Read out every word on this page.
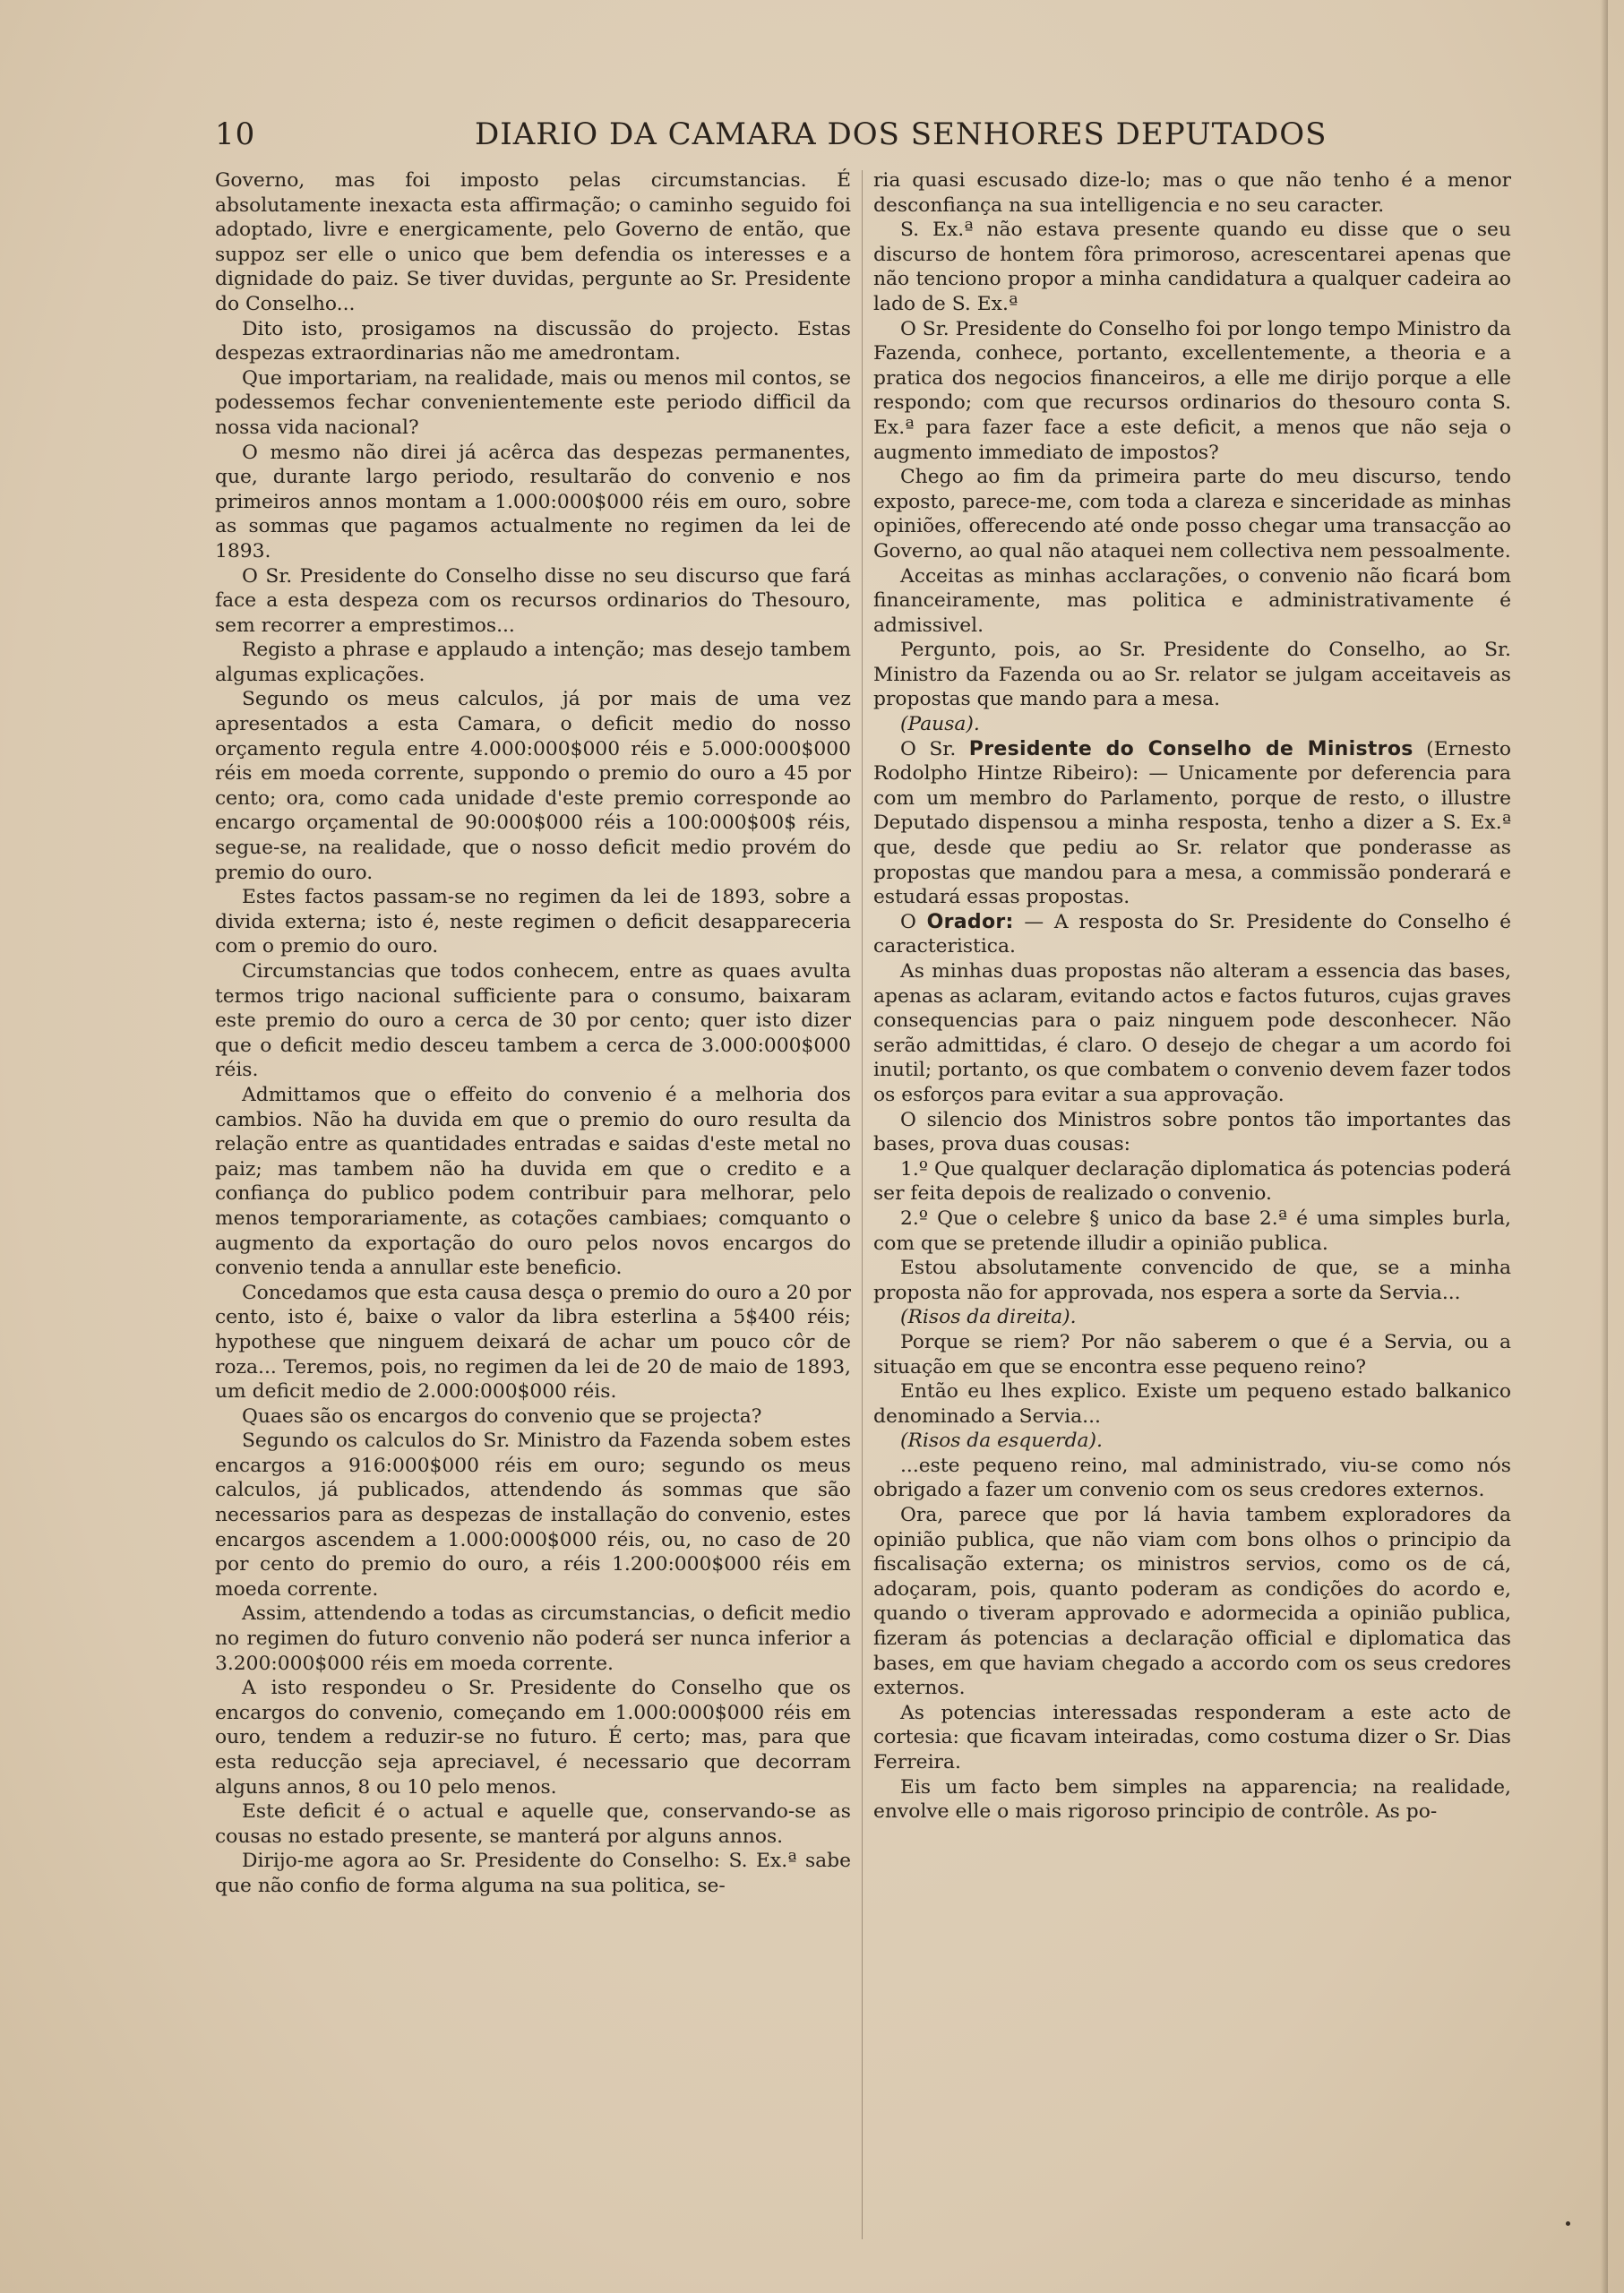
10	DIARIO DA CAMARA DOS SENHORES DEPUTADOS

Governo, mas foi imposto pelas circumstancias. É absolutamente inexacta esta affirmação; o caminho seguido foi adoptado, livre e energicamente, pelo Governo de então, que suppoz ser elle o unico que bem defendia os interesses e a dignidade do paiz. Se tiver duvidas, pergunte ao Sr. Presidente do Conselho...

Dito isto, prosigamos na discussão do projecto. Estas despezas extraordinarias não me amedrontam.

Que importariam, na realidade, mais ou menos mil contos, se podessemos fechar convenientemente este periodo difficil da nossa vida nacional?

O mesmo não direi já acêrca das despezas permanentes, que, durante largo periodo, resultarão do convenio e nos primeiros annos montam a 1.000:000$000 réis em ouro, sobre as sommas que pagamos actualmente no regimen da lei de 1893.

O Sr. Presidente do Conselho disse no seu discurso que fará face a esta despeza com os recursos ordinarios do Thesouro, sem recorrer a emprestimos...

Registo a phrase e applaudo a intenção; mas desejo tambem algumas explicações.

Segundo os meus calculos, já por mais de uma vez apresentados a esta Camara, o deficit medio do nosso orçamento regula entre 4.000:000$000 réis e 5.000:000$000 réis em moeda corrente, suppondo o premio do ouro a 45 por cento; ora, como cada unidade d'este premio corresponde ao encargo orçamental de 90:000$000 réis a 100:000$00$ réis, segue-se, na realidade, que o nosso deficit medio provém do premio do ouro.

Estes factos passam-se no regimen da lei de 1893, sobre a divida externa; isto é, neste regimen o deficit desappareceria com o premio do ouro.

Circumstancias que todos conhecem, entre as quaes avulta termos trigo nacional sufficiente para o consumo, baixaram este premio do ouro a cerca de 30 por cento; quer isto dizer que o deficit medio desceu tambem a cerca de 3.000:000$000 réis.

Admittamos que o effeito do convenio é a melhoria dos cambios. Não ha duvida em que o premio do ouro resulta da relação entre as quantidades entradas e saidas d'este metal no paiz; mas tambem não ha duvida em que o credito e a confiança do publico podem contribuir para melhorar, pelo menos temporariamente, as cotações cambiaes; comquanto o augmento da exportação do ouro pelos novos encargos do convenio tenda a annullar este beneficio.

Concedamos que esta causa desça o premio do ouro a 20 por cento, isto é, baixe o valor da libra esterlina a 5$400 réis; hypothese que ninguem deixará de achar um pouco côr de roza... Teremos, pois, no regimen da lei de 20 de maio de 1893, um deficit medio de 2.000:000$000 réis.

Quaes são os encargos do convenio que se projecta?

Segundo os calculos do Sr. Ministro da Fazenda sobem estes encargos a 916:000$000 réis em ouro; segundo os meus calculos, já publicados, attendendo ás sommas que são necessarios para as despezas de installação do convenio, estes encargos ascendem a 1.000:000$000 réis, ou, no caso de 20 por cento do premio do ouro, a réis 1.200:000$000 réis em moeda corrente.

Assim, attendendo a todas as circumstancias, o deficit medio no regimen do futuro convenio não poderá ser nunca inferior a 3.200:000$000 réis em moeda corrente.

A isto respondeu o Sr. Presidente do Conselho que os encargos do convenio, começando em 1.000:000$000 réis em ouro, tendem a reduzir-se no futuro. É certo; mas, para que esta reducção seja apreciavel, é necessario que decorram alguns annos, 8 ou 10 pelo menos.

Este deficit é o actual e aquelle que, conservando-se as cousas no estado presente, se manterá por alguns annos.

Dirijo-me agora ao Sr. Presidente do Conselho: S. Ex.ª sabe que não confio de forma alguma na sua politica, se-

ria quasi escusado dize-lo; mas o que não tenho é a menor desconfiança na sua intelligencia e no seu caracter.

S. Ex.ª não estava presente quando eu disse que o seu discurso de hontem fôra primoroso, acrescentarei apenas que não tenciono propor a minha candidatura a qualquer cadeira ao lado de S. Ex.ª

O Sr. Presidente do Conselho foi por longo tempo Ministro da Fazenda, conhece, portanto, excellentemente, a theoria e a pratica dos negocios financeiros, a elle me dirijo porque a elle respondo; com que recursos ordinarios do thesouro conta S. Ex.ª para fazer face a este deficit, a menos que não seja o augmento immediato de impostos?

Chego ao fim da primeira parte do meu discurso, tendo exposto, parece-me, com toda a clareza e sinceridade as minhas opiniões, offerecendo até onde posso chegar uma transacção ao Governo, ao qual não ataquei nem collectiva nem pessoalmente.

Acceitas as minhas acclarações, o convenio não ficará bom financeiramente, mas politica e administrativamente é admissivel.

Pergunto, pois, ao Sr. Presidente do Conselho, ao Sr. Ministro da Fazenda ou ao Sr. relator se julgam acceitaveis as propostas que mando para a mesa.

(Pausa).

O Sr. Presidente do Conselho de Ministros (Ernesto Rodolpho Hintze Ribeiro): — Unicamente por deferencia para com um membro do Parlamento, porque de resto, o illustre Deputado dispensou a minha resposta, tenho a dizer a S. Ex.ª que, desde que pediu ao Sr. relator que ponderasse as propostas que mandou para a mesa, a commissão ponderará e estudará essas propostas.

O Orador: — A resposta do Sr. Presidente do Conselho é caracteristica.

As minhas duas propostas não alteram a essencia das bases, apenas as aclaram, evitando actos e factos futuros, cujas graves consequencias para o paiz ninguem pode desconhecer. Não serão admittidas, é claro. O desejo de chegar a um acordo foi inutil; portanto, os que combatem o convenio devem fazer todos os esforços para evitar a sua approvação.

O silencio dos Ministros sobre pontos tão importantes das bases, prova duas cousas:

1.º Que qualquer declaração diplomatica ás potencias poderá ser feita depois de realizado o convenio.

2.º Que o celebre § unico da base 2.ª é uma simples burla, com que se pretende illudir a opinião publica.

Estou absolutamente convencido de que, se a minha proposta não for approvada, nos espera a sorte da Servia...

(Risos da direita).

Porque se riem? Por não saberem o que é a Servia, ou a situação em que se encontra esse pequeno reino?

Então eu lhes explico. Existe um pequeno estado balkanico denominado a Servia...

(Risos da esquerda).

...este pequeno reino, mal administrado, viu-se como nós obrigado a fazer um convenio com os seus credores externos.

Ora, parece que por lá havia tambem exploradores da opinião publica, que não viam com bons olhos o principio da fiscalisação externa; os ministros servios, como os de cá, adoçaram, pois, quanto poderam as condições do acordo e, quando o tiveram approvado e adormecida a opinião publica, fizeram ás potencias a declaração official e diplomatica das bases, em que haviam chegado a accordo com os seus credores externos.

As potencias interessadas responderam a este acto de cortesia: que ficavam inteiradas, como costuma dizer o Sr. Dias Ferreira.

Eis um facto bem simples na apparencia; na realidade, envolve elle o mais rigoroso principio de contrôle. As po-
